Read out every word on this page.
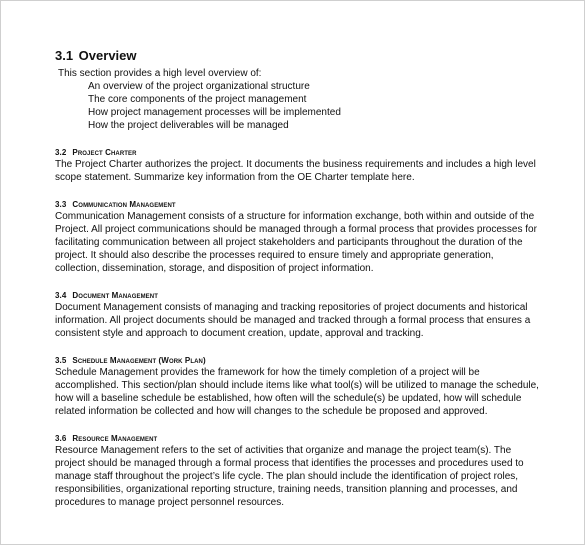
3.1 Overview
This section provides a high level overview of:
An overview of the project organizational structure
The core components of the project management
How project management processes will be implemented
How the project deliverables will be managed
3.2 Project Charter
The Project Charter authorizes the project. It documents the business requirements and includes a high level
scope statement. Summarize key information from the OE Charter template here.
3.3 Communication Management
Communication Management consists of a structure for information exchange, both within and outside of the
Project. All project communications should be managed through a formal process that provides processes for
facilitating communication between all project stakeholders and participants throughout the duration of the
project. It should also describe the processes required to ensure timely and appropriate generation,
collection, dissemination, storage, and disposition of project information.
3.4 Document Management
Document Management consists of managing and tracking repositories of project documents and historical
information. All project documents should be managed and tracked through a formal process that ensures a
consistent style and approach to document creation, update, approval and tracking.
3.5 Schedule Management (Work Plan)
Schedule Management provides the framework for how the timely completion of a project will be
accomplished. This section/plan should include items like what tool(s) will be utilized to manage the schedule,
how will a baseline schedule be established, how often will the schedule(s) be updated, how will schedule
related information be collected and how will changes to the schedule be proposed and approved.
3.6 Resource Management
Resource Management refers to the set of activities that organize and manage the project team(s). The
project should be managed through a formal process that identifies the processes and procedures used to
manage staff throughout the project’s life cycle. The plan should include the identification of project roles,
responsibilities, organizational reporting structure, training needs, transition planning and processes, and
procedures to manage project personnel resources.
